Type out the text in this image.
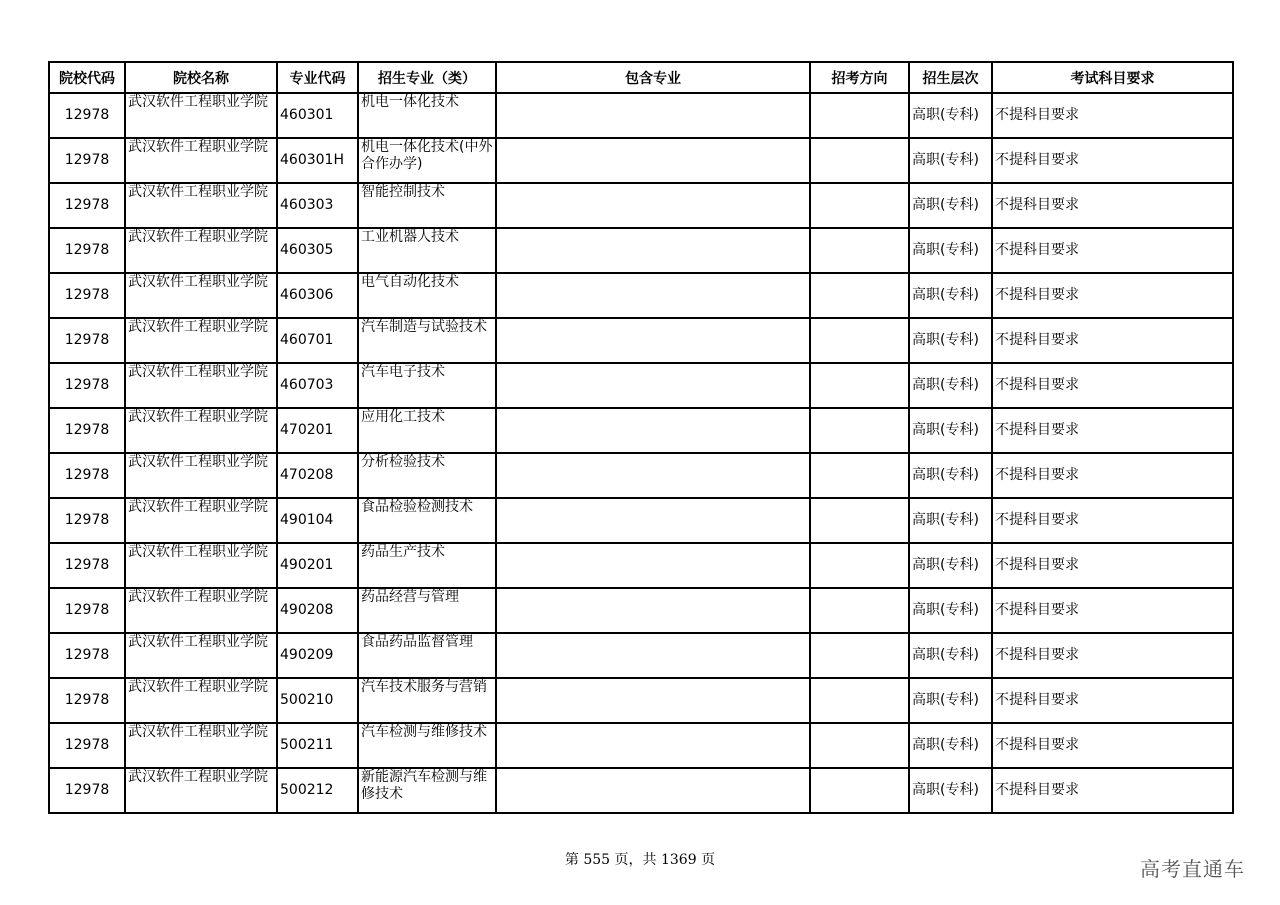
院校代码	院校名称	专业代码	招生专业（类）	包含专业	招考方向	招生层次	考试科目要求
12978	武汉软件工程职业学院	460301	机电一体化技术			高职(专科)	不提科目要求
12978	武汉软件工程职业学院	460301H	机电一体化技术(中外合作办学)			高职(专科)	不提科目要求
12978	武汉软件工程职业学院	460303	智能控制技术			高职(专科)	不提科目要求
12978	武汉软件工程职业学院	460305	工业机器人技术			高职(专科)	不提科目要求
12978	武汉软件工程职业学院	460306	电气自动化技术			高职(专科)	不提科目要求
12978	武汉软件工程职业学院	460701	汽车制造与试验技术			高职(专科)	不提科目要求
12978	武汉软件工程职业学院	460703	汽车电子技术			高职(专科)	不提科目要求
12978	武汉软件工程职业学院	470201	应用化工技术			高职(专科)	不提科目要求
12978	武汉软件工程职业学院	470208	分析检验技术			高职(专科)	不提科目要求
12978	武汉软件工程职业学院	490104	食品检验检测技术			高职(专科)	不提科目要求
12978	武汉软件工程职业学院	490201	药品生产技术			高职(专科)	不提科目要求
12978	武汉软件工程职业学院	490208	药品经营与管理			高职(专科)	不提科目要求
12978	武汉软件工程职业学院	490209	食品药品监督管理			高职(专科)	不提科目要求
12978	武汉软件工程职业学院	500210	汽车技术服务与营销			高职(专科)	不提科目要求
12978	武汉软件工程职业学院	500211	汽车检测与维修技术			高职(专科)	不提科目要求
12978	武汉软件工程职业学院	500212	新能源汽车检测与维修技术			高职(专科)	不提科目要求
第 555 页，共 1369 页	高考直通车
